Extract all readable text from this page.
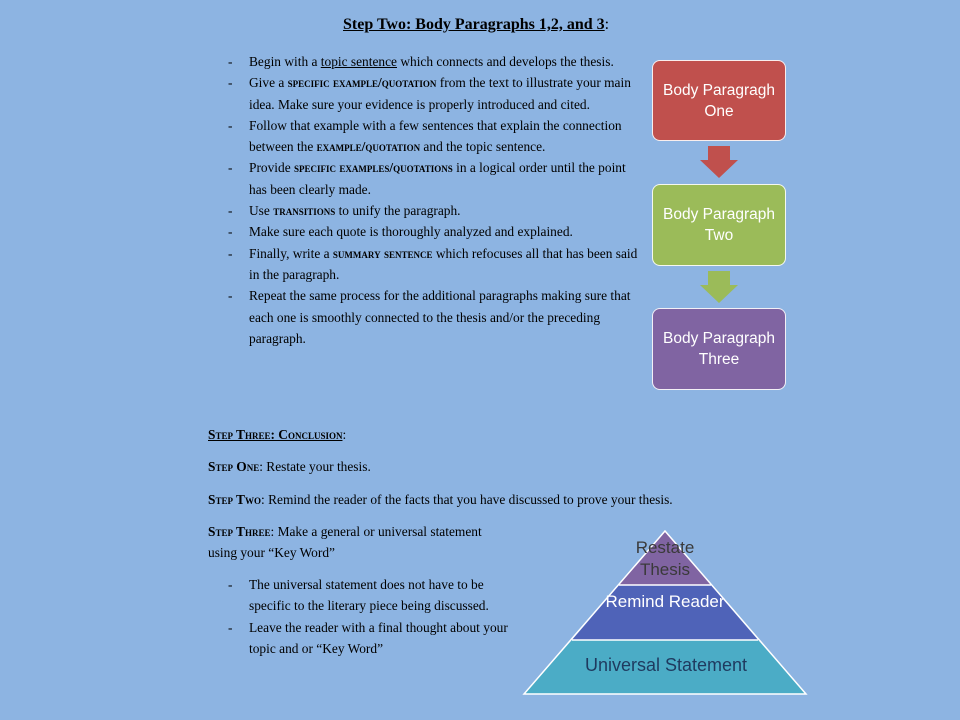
Step Two: Body Paragraphs 1,2, and 3:
- Begin with a topic sentence which connects and develops the thesis.
- Give a specific example/quotation from the text to illustrate your main idea. Make sure your evidence is properly introduced and cited.
- Follow that example with a few sentences that explain the connection between the example/quotation and the topic sentence.
- Provide specific examples/quotations in a logical order until the point has been clearly made.
- Use transitions to unify the paragraph.
- Make sure each quote is thoroughly analyzed and explained.
- Finally, write a summary sentence which refocuses all that has been said in the paragraph.
- Repeat the same process for the additional paragraphs making sure that each one is smoothly connected to the thesis and/or the preceding paragraph.
Step Three: Conclusion:
Step One: Restate your thesis.
Step Two: Remind the reader of the facts that you have discussed to prove your thesis.
Step Three: Make a general or universal statement using your “Key Word”
- The universal statement does not have to be specific to the literary piece being discussed.
- Leave the reader with a final thought about your topic and or “Key Word”
Body Paragragh One
Body Paragraph Two
Body Paragraph Three
Restate Thesis
Remind Reader
Universal Statement
